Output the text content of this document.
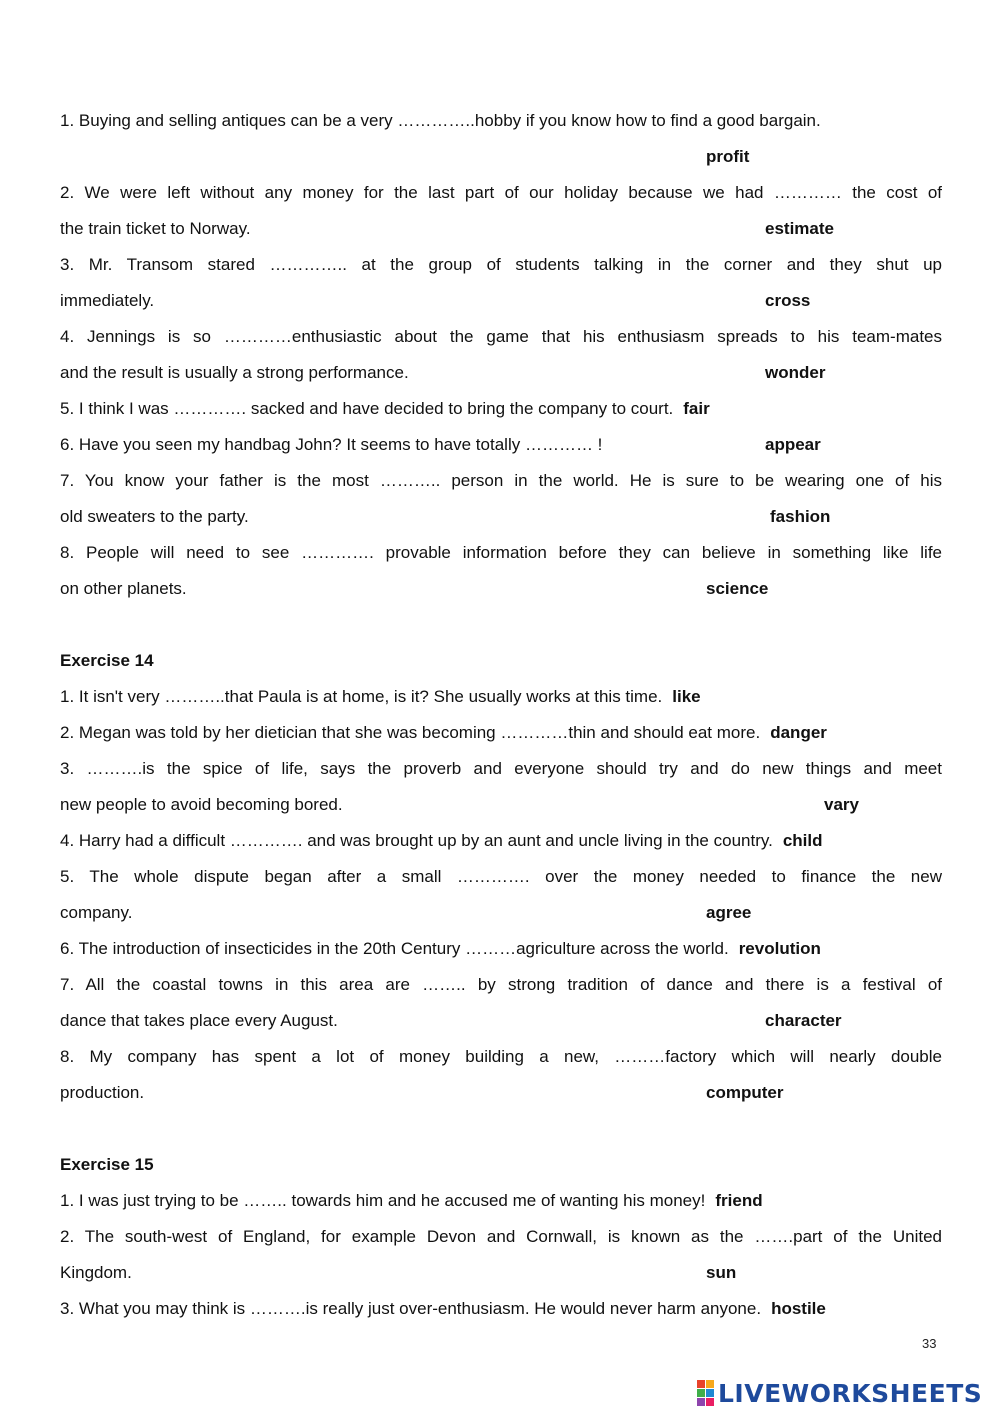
1. Buying and selling antiques can be a very …………..hobby if you know how to find a good bargain.
profit
2. We were left without any money for the last part of our holiday because we had ………… the cost of
the train ticket to Norway.	estimate
3. Mr. Transom stared ………….. at the group of students talking in the corner and they shut up
immediately.	cross
4. Jennings is so …………enthusiastic about the game that his enthusiasm spreads to his team-mates
and the result is usually a strong performance.	wonder
5. I think I was …………. sacked and have decided to bring the company to court. fair
6. Have you seen my handbag John? It seems to have totally ………… !	appear
7. You know your father is the most ……….. person in the world. He is sure to be wearing one of his
old sweaters to the party.	fashion
8. People will need to see …………. provable information before they can believe in something like life
on other planets.	science
Exercise 14
1. It isn't very ………..that Paula is at home, is it? She usually works at this time. like
2. Megan was told by her dietician that she was becoming …………thin and should eat more. danger
3. ……….is the spice of life, says the proverb and everyone should try and do new things and meet
new people to avoid becoming bored.	vary
4. Harry had a difficult …………. and was brought up by an aunt and uncle living in the country. child
5. The whole dispute began after a small …………. over the money needed to finance the new
company.	agree
6. The introduction of insecticides in the 20th Century ………agriculture across the world. revolution
7. All the coastal towns in this area are …….. by strong tradition of dance and there is a festival of
dance that takes place every August.	character
8. My company has spent a lot of money building a new, ………factory which will nearly double
production.	computer
Exercise 15
1. I was just trying to be …….. towards him and he accused me of wanting his money! friend
2. The south-west of England, for example Devon and Cornwall, is known as the …….part of the United
Kingdom.	sun
3. What you may think is ……….is really just over-enthusiasm. He would never harm anyone. hostile
33
LIVEWORKSHEETS
